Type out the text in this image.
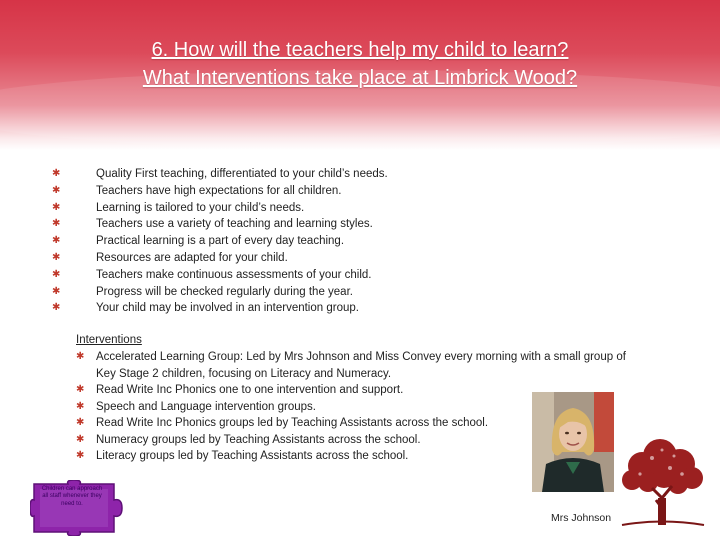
6. How will the teachers help my child to learn?
What Interventions take place at Limbrick Wood?
✱	Quality First teaching, differentiated to your child’s needs.
✱	Teachers have high expectations for all children.
✱	Learning is tailored to your child’s needs.
✱	Teachers use a variety of teaching and learning styles.
✱	Practical learning is a part of every day teaching.
✱	Resources are adapted for your child.
✱	Teachers make continuous assessments of your child.
✱	Progress will be checked regularly during the year.
✱	Your child may be involved in an intervention group.
Interventions
✱ Accelerated Learning Group: Led by Mrs Johnson and Miss Convey every morning with a small group of Key Stage 2 children, focusing on Literacy and Numeracy.
✱ Read Write Inc Phonics one to one intervention and support.
✱ Speech and Language intervention groups.
✱ Read Write Inc Phonics groups led by Teaching Assistants across the school.
✱ Numeracy groups led by Teaching Assistants across the school.
✱ Literacy groups led by Teaching Assistants across the school.
Mrs Johnson
Children can approach all staff whenever they need to.
